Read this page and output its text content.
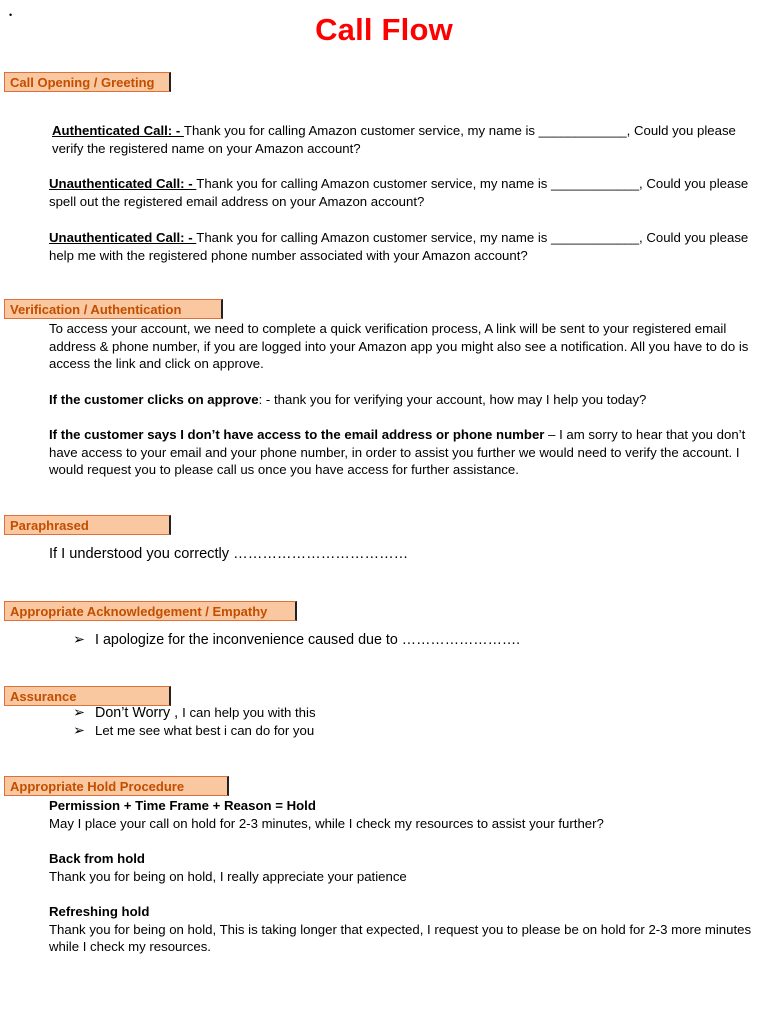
•	Call Flow
Call Opening / Greeting
Authenticated Call: - Thank you for calling Amazon customer service, my name is ____________, Could you please verify the registered name on your Amazon account?
Unauthenticated Call: - Thank you for calling Amazon customer service, my name is ____________, Could you please spell out the registered email address on your Amazon account?
Unauthenticated Call: - Thank you for calling Amazon customer service, my name is ____________, Could you please help me with the registered phone number associated with your Amazon account?
Verification / Authentication
To access your account, we need to complete a quick verification process, A link will be sent to your registered email address & phone number, if you are logged into your Amazon app you might also see a notification. All you have to do is access the link and click on approve.
If the customer clicks on approve: - thank you for verifying your account, how may I help you today?
If the customer says I don’t have access to the email address or phone number – I am sorry to hear that you don’t have access to your email and your phone number, in order to assist you further we would need to verify the account. I would request you to please call us once you have access for further assistance.
Paraphrased
If I understood you correctly ………………………………
Appropriate Acknowledgement / Empathy
➢ I apologize for the inconvenience caused due to …………………….
Assurance
➢ Don’t Worry , I can help you with this
➢ Let me see what best i can do for you
Appropriate Hold Procedure
Permission + Time Frame + Reason = Hold
May I place your call on hold for 2-3 minutes, while I check my resources to assist your further?
Back from hold
Thank you for being on hold, I really appreciate your patience
Refreshing hold
Thank you for being on hold, This is taking longer that expected, I request you to please be on hold for 2-3 more minutes while I check my resources.
